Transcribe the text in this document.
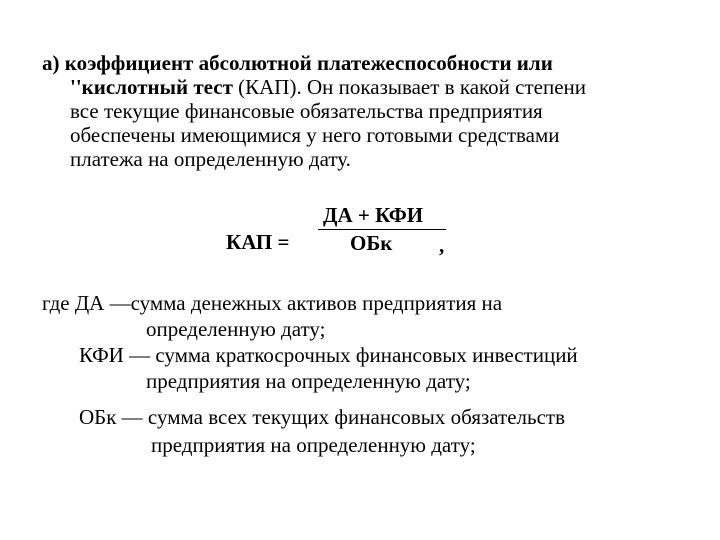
а) коэффициент абсолютной платежеспособности или
''кислотный тест (КАП). Он показывает в какой степени
все текущие финансовые обязательства предприятия
обеспечены имеющимися у него готовыми средствами
платежа на определенную дату.
КАП =
ДА + КФИ
ОБк ,
где ДА —сумма денежных активов предприятия на
определенную дату;
КФИ — сумма краткосрочных финансовых инвестиций
предприятия на определенную дату;
ОБк — сумма всех текущих финансовых обязательств
предприятия на определенную дату;
